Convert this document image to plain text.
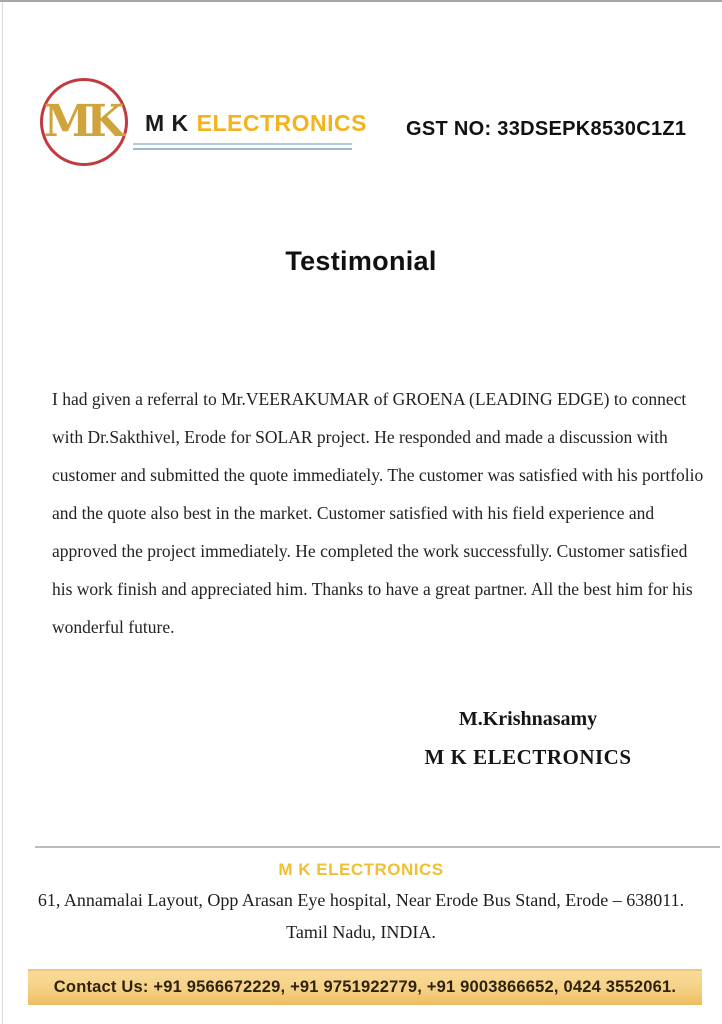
MK M K ELECTRONICS GST NO: 33DSEPK8530C1Z1
Testimonial
I had given a referral to Mr.VEERAKUMAR of GROENA (LEADING EDGE) to connect
with Dr.Sakthivel, Erode for SOLAR project. He responded and made a discussion with
customer and submitted the quote immediately. The customer was satisfied with his portfolio
and the quote also best in the market. Customer satisfied with his field experience and
approved the project immediately. He completed the work successfully. Customer satisfied
his work finish and appreciated him. Thanks to have a great partner. All the best him for his
wonderful future.
M.Krishnasamy
M K ELECTRONICS
M K ELECTRONICS
61, Annamalai Layout, Opp Arasan Eye hospital, Near Erode Bus Stand, Erode – 638011.
Tamil Nadu, INDIA.
Contact Us: +91 9566672229, +91 9751922779, +91 9003866652, 0424 3552061.
